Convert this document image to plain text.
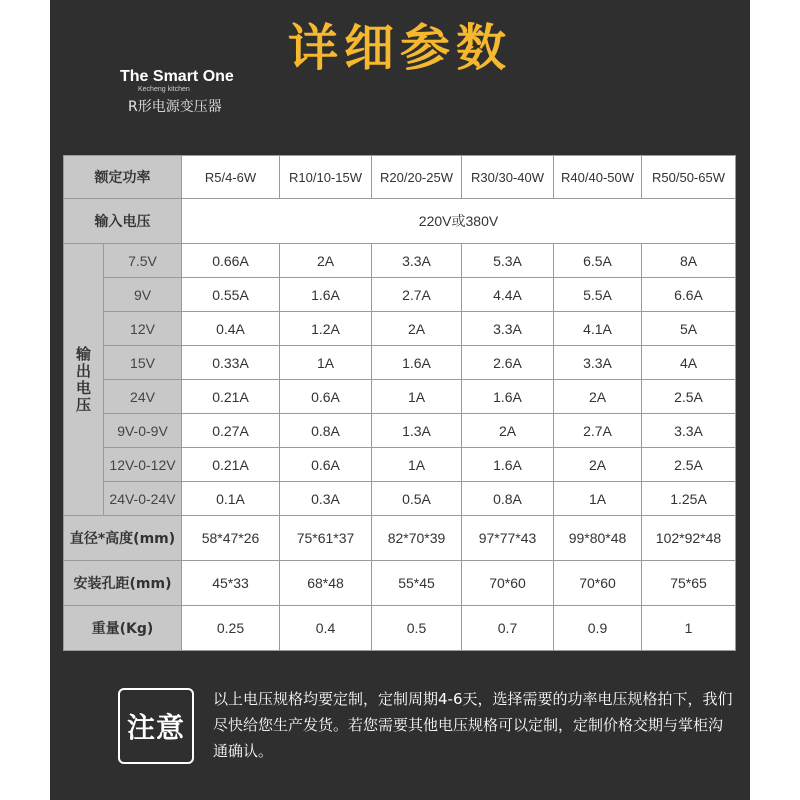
详细参数
The Smart One
Kecheng kitchen
R形电源变压器
额定功率		R5/4-6W	R10/10-15W	R20/20-25W	R30/30-40W	R40/40-50W	R50/50-65W
输入电压		220V或380V					

输
出
电
压	7.5V	0.66A	2A	3.3A	5.3A	6.5A	8A
	9V	0.55A	1.6A	2.7A	4.4A	5.5A	6.6A
	12V	0.4A	1.2A	2A	3.3A	4.1A	5A
	15V	0.33A	1A	1.6A	2.6A	3.3A	4A
	24V	0.21A	0.6A	1A	1.6A	2A	2.5A
	9V-0-9V	0.27A	0.8A	1.3A	2A	2.7A	3.3A
	12V-0-12V	0.21A	0.6A	1A	1.6A	2A	2.5A
	24V-0-24V	0.1A	0.3A	0.5A	0.8A	1A	1.25A
直径*高度(mm)		58*47*26	75*61*37	82*70*39	97*77*43	99*80*48	102*92*48
安装孔距(mm)		45*33	68*48	55*45	70*60	70*60	75*65
重量(Kg)		0.25	0.4	0.5	0.7	0.9	1
注意
以上电压规格均要定制，定制周期4-6天，选择需要的功率电压规格拍下，我们尽快给您生产发货。若您需要其他电压规格可以定制，定制价格交期与掌柜沟通确认。
